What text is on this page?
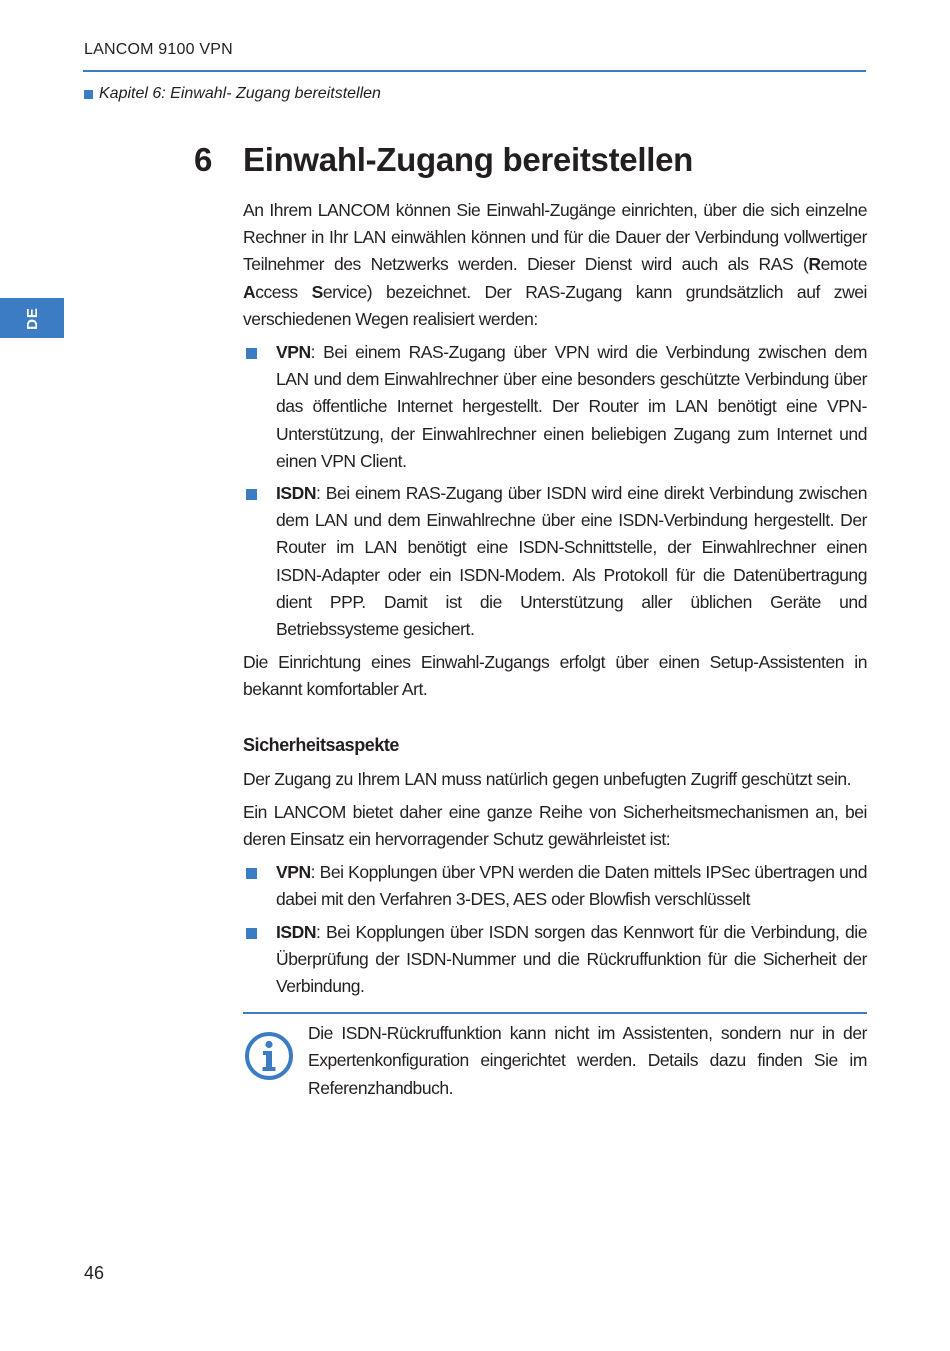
LANCOM 9100 VPN
Kapitel 6: Einwahl- Zugang bereitstellen
DE
6 Einwahl-Zugang bereitstellen

An Ihrem LANCOM können Sie Einwahl-Zugänge einrichten, über die sich einzelne Rechner in Ihr LAN einwählen können und für die Dauer der Verbindung vollwertiger Teilnehmer des Netzwerks werden. Dieser Dienst wird auch als RAS (Remote Access Service) bezeichnet. Der RAS-Zugang kann grundsätzlich auf zwei verschiedenen Wegen realisiert werden:

VPN: Bei einem RAS-Zugang über VPN wird die Verbindung zwischen dem LAN und dem Einwahlrechner über eine besonders geschützte Verbindung über das öffentliche Internet hergestellt. Der Router im LAN benötigt eine VPN-Unterstützung, der Einwahlrechner einen beliebigen Zugang zum Internet und einen VPN Client.
ISDN: Bei einem RAS-Zugang über ISDN wird eine direkt Verbindung zwischen dem LAN und dem Einwahlrechne über eine ISDN-Verbindung hergestellt. Der Router im LAN benötigt eine ISDN-Schnittstelle, der Einwahlrechner einen ISDN-Adapter oder ein ISDN-Modem. Als Protokoll für die Datenübertragung dient PPP. Damit ist die Unterstützung aller üblichen Geräte und Betriebssysteme gesichert.

Die Einrichtung eines Einwahl-Zugangs erfolgt über einen Setup-Assistenten in bekannt komfortabler Art.

Sicherheitsaspekte

Der Zugang zu Ihrem LAN muss natürlich gegen unbefugten Zugriff geschützt sein.

Ein LANCOM bietet daher eine ganze Reihe von Sicherheitsmechanismen an, bei deren Einsatz ein hervorragender Schutz gewährleistet ist:

VPN: Bei Kopplungen über VPN werden die Daten mittels IPSec übertragen und dabei mit den Verfahren 3-DES, AES oder Blowfish verschlüsselt
ISDN: Bei Kopplungen über ISDN sorgen das Kennwort für die Verbindung, die Überprüfung der ISDN-Nummer und die Rückruffunktion für die Sicherheit der Verbindung.

Die ISDN-Rückruffunktion kann nicht im Assistenten, sondern nur in der Expertenkonfiguration eingerichtet werden. Details dazu finden Sie im Referenzhandbuch.

46
